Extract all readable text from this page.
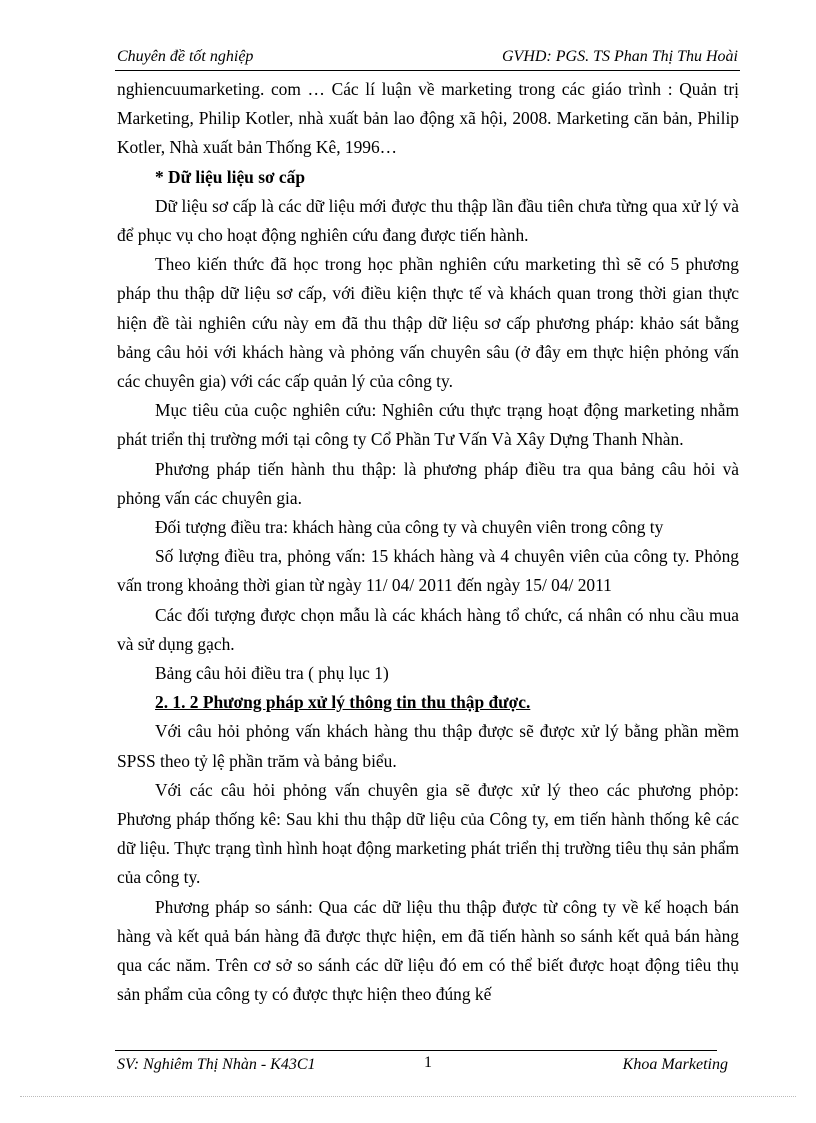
Chuyên đề tốt nghiệp	GVHD: PGS. TS Phan Thị Thu Hoài

nghiencuumarketing. com … Các lí luận về marketing trong các giáo trình : Quản trị Marketing, Philip Kotler, nhà xuất bản lao động xã hội, 2008. Marketing căn bản, Philip Kotler, Nhà xuất bản Thống Kê, 1996…

* Dữ liệu liệu sơ cấp

Dữ liệu sơ cấp là các dữ liệu mới được thu thập lần đầu tiên chưa từng qua xử lý và để phục vụ cho hoạt động nghiên cứu đang được tiến hành.

Theo kiến thức đã học trong học phần nghiên cứu marketing thì sẽ có 5 phương pháp thu thập dữ liệu sơ cấp, với điều kiện thực tế và khách quan trong thời gian thực hiện đề tài nghiên cứu này em đã thu thập dữ liệu sơ cấp phương pháp: khảo sát bằng bảng câu hỏi với khách hàng và phỏng vấn chuyên sâu (ở đây em thực hiện phỏng vấn các chuyên gia) với các cấp quản lý của công ty.

Mục tiêu của cuộc nghiên cứu: Nghiên cứu thực trạng hoạt động marketing nhằm phát triển thị trường mới tại công ty Cổ Phần Tư Vấn Và Xây Dựng Thanh Nhàn.

Phương pháp tiến hành thu thập: là phương pháp điều tra qua bảng câu hỏi và phỏng vấn các chuyên gia.

Đối tượng điều tra: khách hàng của công ty và chuyên viên trong công ty

Số lượng điều tra, phỏng vấn: 15 khách hàng và 4 chuyên viên của công ty. Phỏng vấn trong khoảng thời gian từ ngày 11/ 04/ 2011 đến ngày 15/ 04/ 2011

Các đối tượng được chọn mẫu là các khách hàng tổ chức, cá nhân có nhu cầu mua và sử dụng gạch.

Bảng câu hỏi điều tra ( phụ lục 1)

2. 1. 2 Phương pháp xử lý thông tin thu thập được.

Với câu hỏi phỏng vấn khách hàng thu thập được sẽ được xử lý bằng phần mềm SPSS theo tỷ lệ phần trăm và bảng biểu.

Với các câu hỏi phỏng vấn chuyên gia sẽ được xử lý theo các phương phỏp: Phương pháp thống kê: Sau khi thu thập dữ liệu của Công ty, em tiến hành thống kê các dữ liệu. Thực trạng tình hình hoạt động marketing phát triển thị trường tiêu thụ sản phẩm của công ty.

Phương pháp so sánh: Qua các dữ liệu thu thập được từ công ty về kế hoạch bán hàng và kết quả bán hàng đã được thực hiện, em đã tiến hành so sánh kết quả bán hàng qua các năm. Trên cơ sở so sánh các dữ liệu đó em có thể biết được hoạt động tiêu thụ sản phẩm của công ty có được thực hiện theo đúng kế

SV: Nghiêm Thị Nhàn - K43C1	1	Khoa Marketing
